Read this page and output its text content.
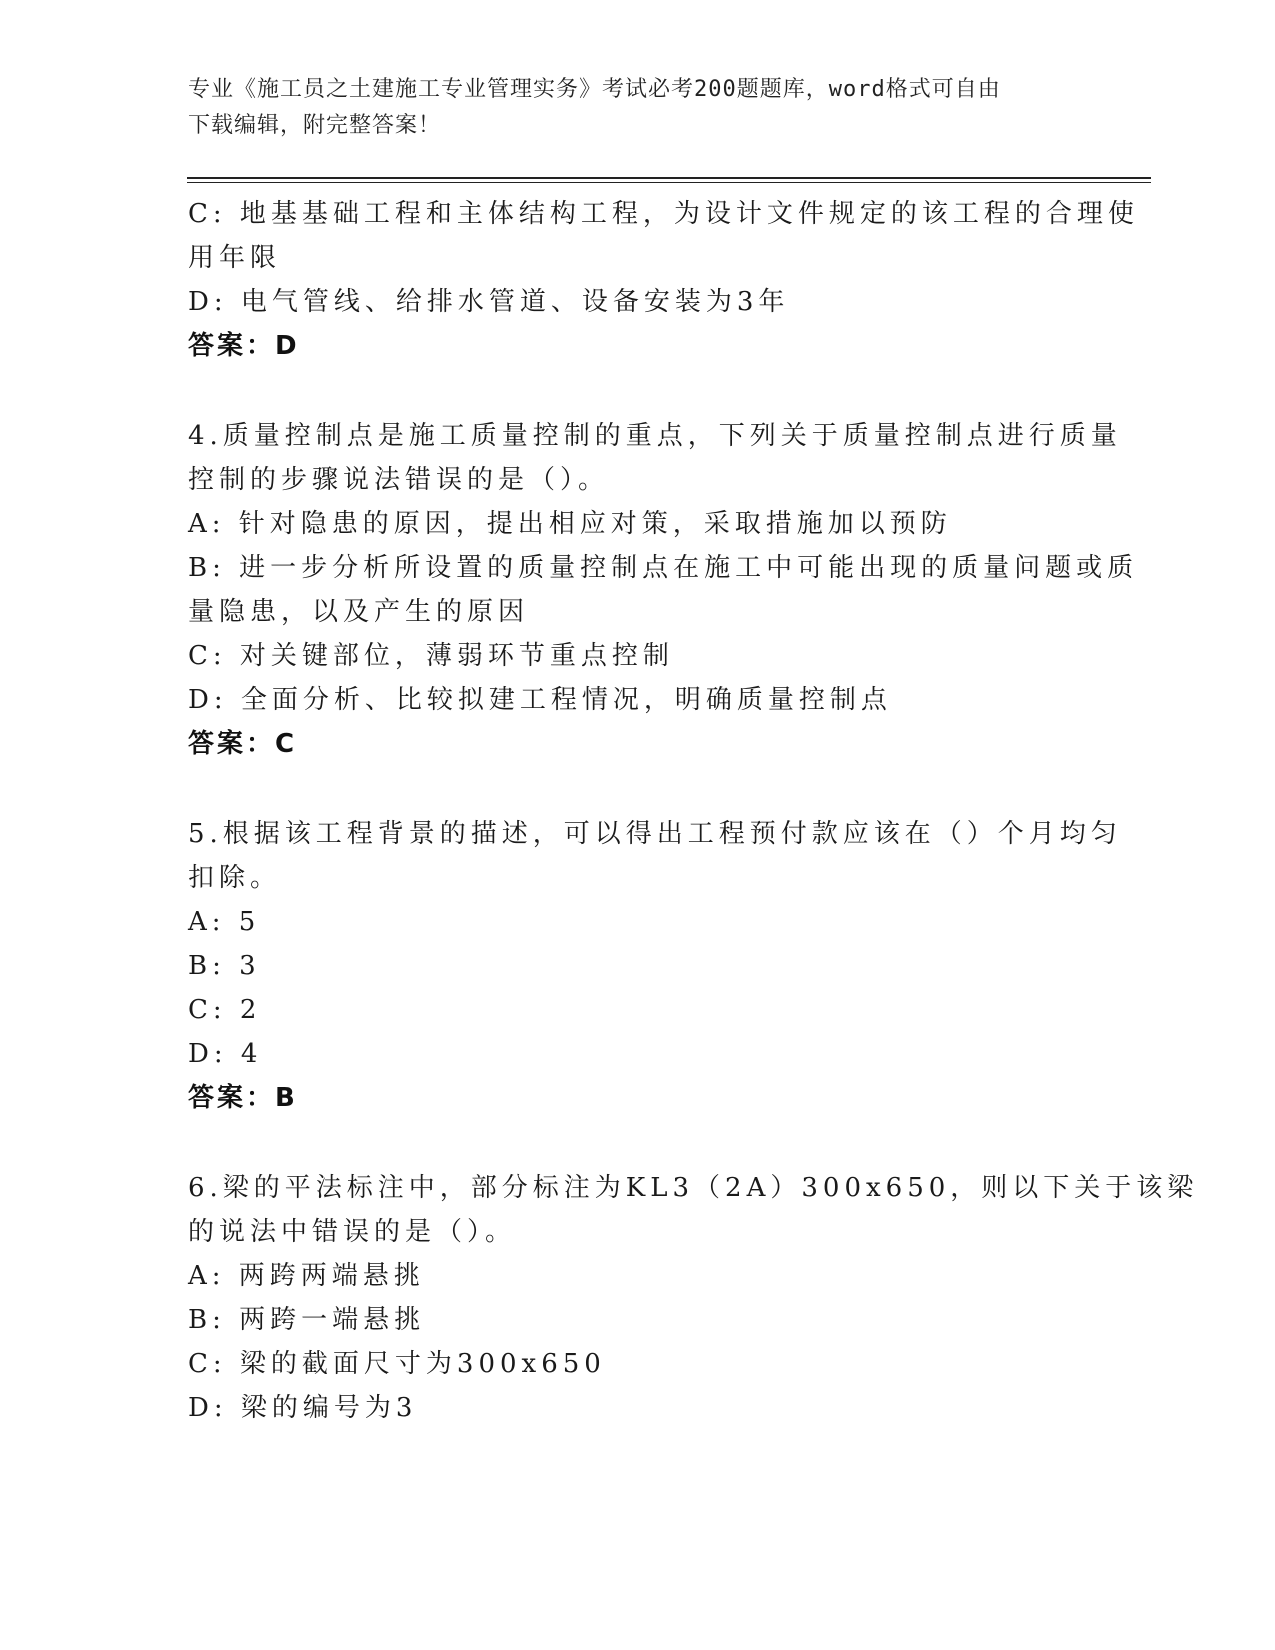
专业《施工员之土建施工专业管理实务》考试必考200题题库，word格式可自由
下载编辑，附完整答案！
C: 地基基础工程和主体结构工程，为设计文件规定的该工程的合理使
用年限
D: 电气管线、给排水管道、设备安装为3年
答案：D
4.质量控制点是施工质量控制的重点，下列关于质量控制点进行质量
控制的步骤说法错误的是（）。
A: 针对隐患的原因，提出相应对策，采取措施加以预防
B: 进一步分析所设置的质量控制点在施工中可能出现的质量问题或质
量隐患，以及产生的原因
C: 对关键部位，薄弱环节重点控制
D: 全面分析、比较拟建工程情况，明确质量控制点
答案：C
5.根据该工程背景的描述，可以得出工程预付款应该在（）个月均匀
扣除。
A: 5
B: 3
C: 2
D: 4
答案：B
6.梁的平法标注中，部分标注为KL3（2A）300x650，则以下关于该梁
的说法中错误的是（）。
A: 两跨两端悬挑
B: 两跨一端悬挑
C: 梁的截面尺寸为300x650
D: 梁的编号为3
